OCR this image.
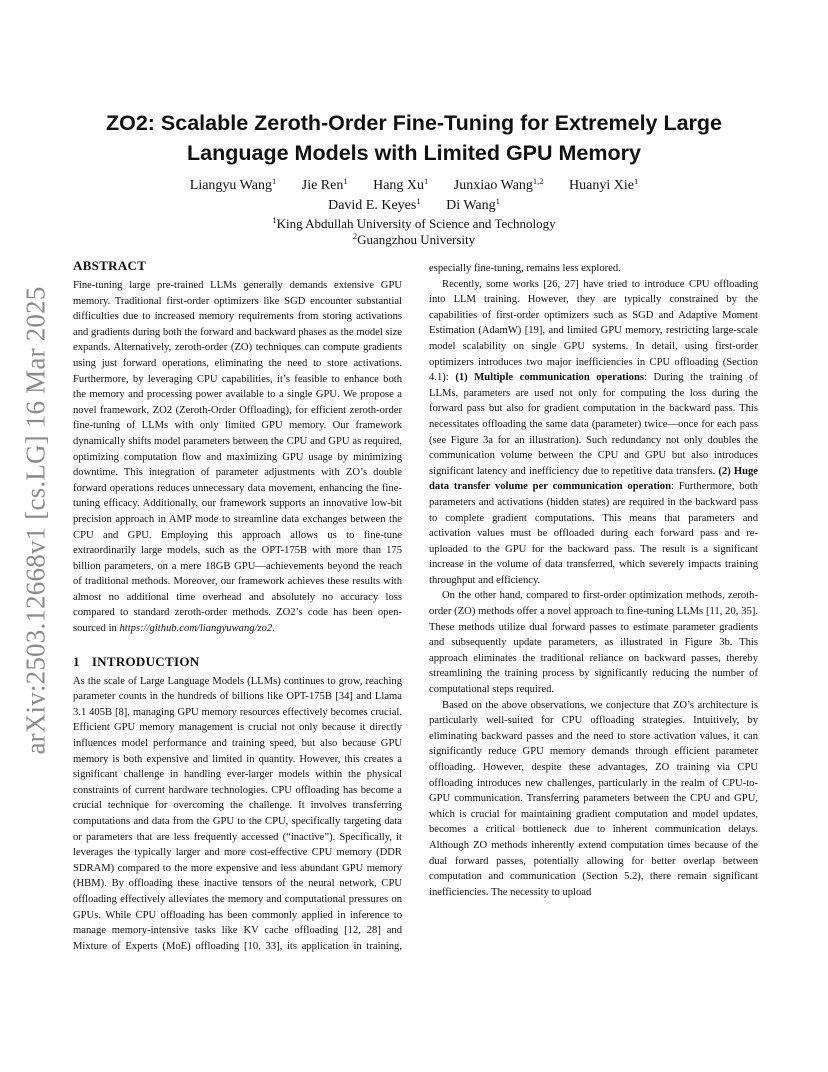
arXiv:2503.12668v1 [cs.LG] 16 Mar 2025
ZO2: Scalable Zeroth-Order Fine-Tuning for Extremely Large Language Models with Limited GPU Memory
Liangyu Wang$^1$ Jie Ren$^1$ Hang Xu$^1$ Junxiao Wang$^{1,2}$ Huanyi Xie$^1$
David E. Keyes$^1$ Di Wang$^1$
$^1$King Abdullah University of Science and Technology
$^2$Guangzhou University
ABSTRACT

Fine-tuning large pre-trained LLMs generally demands extensive GPU memory. Traditional first-order optimizers like SGD encounter substantial difficulties due to increased memory requirements from storing activations and gradients during both the forward and backward phases as the model size expands. Alternatively, zeroth-order (ZO) techniques can compute gradients using just forward operations, eliminating the need to store activations. Furthermore, by leveraging CPU capabilities, it’s feasible to enhance both the memory and processing power available to a single GPU. We propose a novel framework, ZO2 (Zeroth-Order Offloading), for efficient zeroth-order fine-tuning of LLMs with only limited GPU memory. Our framework dynamically shifts model parameters between the CPU and GPU as required, optimizing computation flow and maximizing GPU usage by minimizing downtime. This integration of parameter adjustments with ZO’s double forward operations reduces unnecessary data movement, enhancing the fine-tuning efficacy. Additionally, our framework supports an innovative low-bit precision approach in AMP mode to streamline data exchanges between the CPU and GPU. Employing this approach allows us to fine-tune extraordinarily large models, such as the OPT-175B with more than 175 billion parameters, on a mere 18GB GPU—achievements beyond the reach of traditional methods. Moreover, our framework achieves these results with almost no additional time overhead and absolutely no accuracy loss compared to standard zeroth-order methods. ZO2’s code has been open-sourced in https://github.com/liangyuwang/zo2.

1 INTRODUCTION

As the scale of Large Language Models (LLMs) continues to grow, reaching parameter counts in the hundreds of billions like OPT-175B [34] and Llama 3.1 405B [8], managing GPU memory resources effectively becomes crucial. Efficient GPU memory management is crucial not only because it directly influences model performance and training speed, but also because GPU memory is both expensive and limited in quantity. However, this creates a significant challenge in handling ever-larger models within the physical constraints of current hardware technologies. CPU offloading has become a crucial technique for overcoming the challenge. It involves transferring computations and data from the GPU to the CPU, specifically targeting data or parameters that are less frequently accessed (“inactive”). Specifically, it leverages the typically larger and more cost-effective CPU memory (DDR SDRAM) compared to the more expensive and less abundant GPU memory (HBM). By offloading these inactive tensors of the neural network, CPU offloading effectively alleviates the memory and computational pressures on GPUs. While CPU offloading has been commonly applied in inference to manage memory-intensive tasks like KV cache offloading [12, 28] and Mixture of Experts (MoE) offloading [10, 33], its application in training,

especially fine-tuning, remains less explored.

Recently, some works [26, 27] have tried to introduce CPU offloading into LLM training. However, they are typically constrained by the capabilities of first-order optimizers such as SGD and Adaptive Moment Estimation (AdamW) [19], and limited GPU memory, restricting large-scale model scalability on single GPU systems. In detail, using first-order optimizers introduces two major inefficiencies in CPU offloading (Section 4.1): (1) Multiple communication operations: During the training of LLMs, parameters are used not only for computing the loss during the forward pass but also for gradient computation in the backward pass. This necessitates offloading the same data (parameter) twice—once for each pass (see Figure 3a for an illustration). Such redundancy not only doubles the communication volume between the CPU and GPU but also introduces significant latency and inefficiency due to repetitive data transfers. (2) Huge data transfer volume per communication operation: Furthermore, both parameters and activations (hidden states) are required in the backward pass to complete gradient computations. This means that parameters and activation values must be offloaded during each forward pass and re-uploaded to the GPU for the backward pass. The result is a significant increase in the volume of data transferred, which severely impacts training throughput and efficiency.

On the other hand, compared to first-order optimization methods, zeroth-order (ZO) methods offer a novel approach to fine-tuning LLMs [11, 20, 35]. These methods utilize dual forward passes to estimate parameter gradients and subsequently update parameters, as illustrated in Figure 3b. This approach eliminates the traditional reliance on backward passes, thereby streamlining the training process by significantly reducing the number of computational steps required.

Based on the above observations, we conjecture that ZO’s architecture is particularly well-suited for CPU offloading strategies. Intuitively, by eliminating backward passes and the need to store activation values, it can significantly reduce GPU memory demands through efficient parameter offloading. However, despite these advantages, ZO training via CPU offloading introduces new challenges, particularly in the realm of CPU-to-GPU communication. Transferring parameters between the CPU and GPU, which is crucial for maintaining gradient computation and model updates, becomes a critical bottleneck due to inherent communication delays. Although ZO methods inherently extend computation times because of the dual forward passes, potentially allowing for better overlap between computation and communication (Section 5.2), there remain significant inefficiencies. The necessity to upload
